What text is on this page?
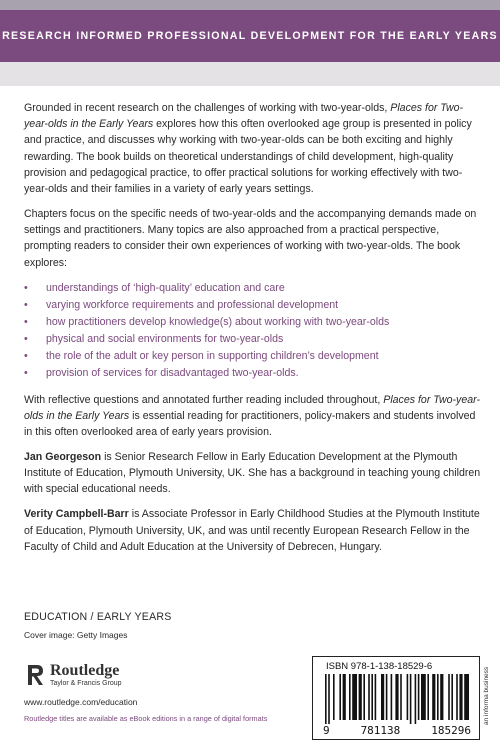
RESEARCH INFORMED PROFESSIONAL DEVELOPMENT FOR THE EARLY YEARS

Grounded in recent research on the challenges of working with two-year-olds, Places for Two-year-olds in the Early Years explores how this often overlooked age group is presented in policy and practice, and discusses why working with two-year-olds can be both exciting and highly rewarding. The book builds on theoretical understandings of child development, high-quality provision and pedagogical practice, to offer practical solutions for working effectively with two-year-olds and their families in a variety of early years settings.

Chapters focus on the specific needs of two-year-olds and the accompanying demands made on settings and practitioners. Many topics are also approached from a practical perspective, prompting readers to consider their own experiences of working with two-year-olds. The book explores:

• understandings of ‘high-quality’ education and care
• varying workforce requirements and professional development
• how practitioners develop knowledge(s) about working with two-year-olds
• physical and social environments for two-year-olds
• the role of the adult or key person in supporting children’s development
• provision of services for disadvantaged two-year-olds.

With reflective questions and annotated further reading included throughout, Places for Two-year-olds in the Early Years is essential reading for practitioners, policy-makers and students involved in this often overlooked area of early years provision.

Jan Georgeson is Senior Research Fellow in Early Education Development at the Plymouth Institute of Education, Plymouth University, UK. She has a background in teaching young children with special educational needs.

Verity Campbell-Barr is Associate Professor in Early Childhood Studies at the Plymouth Institute of Education, Plymouth University, UK, and was until recently European Research Fellow in the Faculty of Child and Adult Education at the University of Debrecen, Hungary.

EDUCATION / EARLY YEARS
Cover image: Getty Images
Routledge
Taylor & Francis Group
www.routledge.com/education
Routledge titles are available as eBook editions in a range of digital formats
ISBN 978-1-138-18529-6
9	781138	185296
an informa business
